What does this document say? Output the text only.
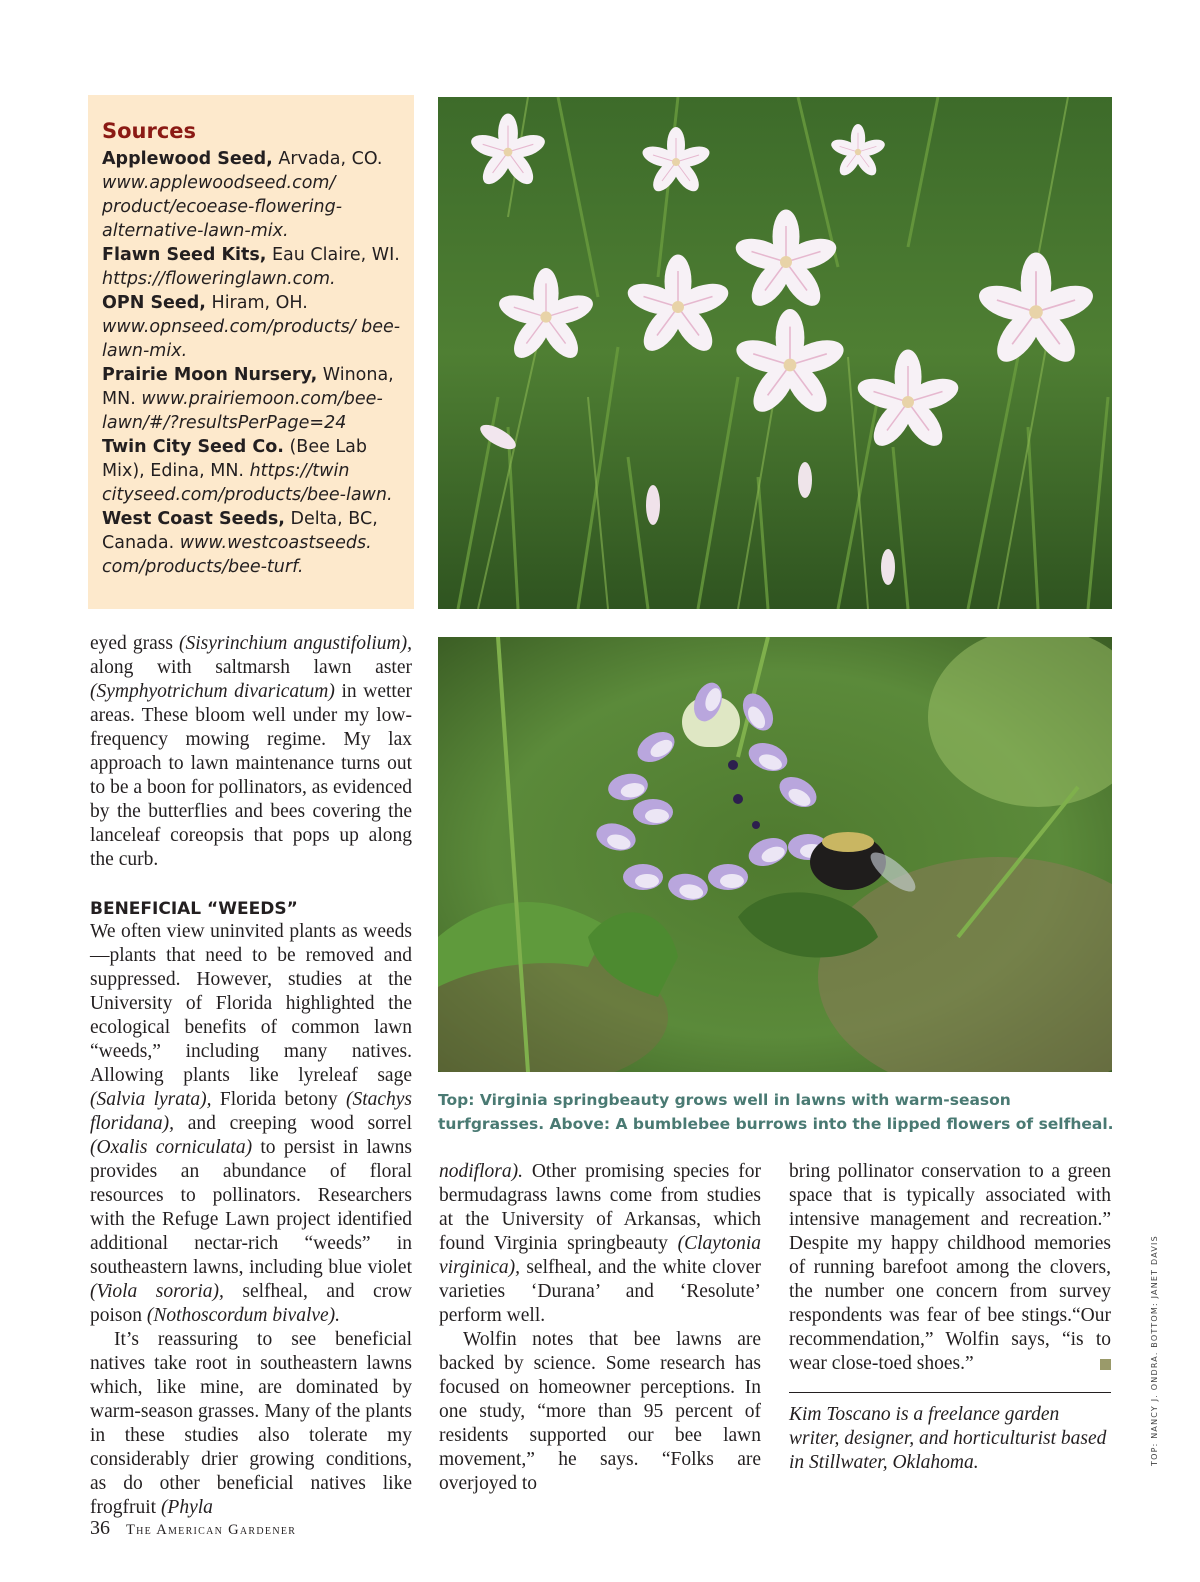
Sources
Applewood Seed, Arvada, CO. www.applewoodseed.com/ product/ecoease-flowering-alternative-lawn-mix.
Flawn Seed Kits, Eau Claire, WI. https://floweringlawn.com.
OPN Seed, Hiram, OH. www.opnseed.com/products/ bee-lawn-mix.
Prairie Moon Nursery, Winona, MN. www.prairiemoon.com/bee-lawn/#/?resultsPerPage=24
Twin City Seed Co. (Bee Lab Mix), Edina, MN. https://twin cityseed.com/products/bee-lawn.
West Coast Seeds, Delta, BC, Canada. www.westcoastseeds. com/products/bee-turf.
Top: Virginia springbeauty grows well in lawns with warm-season turfgrasses. Above: A bumblebee burrows into the lipped flowers of selfheal.

eyed grass (Sisyrinchium angustifolium), along with saltmarsh lawn aster (Symphyotrichum divaricatum) in wetter areas. These bloom well under my low-frequency mowing regime. My lax approach to lawn maintenance turns out to be a boon for pollinators, as evidenced by the butterflies and bees covering the lanceleaf coreopsis that pops up along the curb.

BENEFICIAL “WEEDS”

We often view uninvited plants as weeds—plants that need to be removed and suppressed. However, studies at the University of Florida highlighted the ecological benefits of common lawn “weeds,” including many natives. Allowing plants like lyreleaf sage (Salvia lyrata), Florida betony (Stachys floridana), and creeping wood sorrel (Oxalis corniculata) to persist in lawns provides an abundance of floral resources to pollinators. Researchers with the Refuge Lawn project identified additional nectar-rich “weeds” in southeastern lawns, including blue violet (Viola sororia), selfheal, and crow poison (Nothoscordum bivalve).

It’s reassuring to see beneficial natives take root in southeastern lawns which, like mine, are dominated by warm-season grasses. Many of the plants in these studies also tolerate my considerably drier growing conditions, as do other beneficial natives like frogfruit (Phyla

nodiflora). Other promising species for bermudagrass lawns come from studies at the University of Arkansas, which found Virginia springbeauty (Claytonia virginica), selfheal, and the white clover varieties ‘Durana’ and ‘Resolute’ perform well.

Wolfin notes that bee lawns are backed by science. Some research has focused on homeowner perceptions. In one study, “more than 95 percent of residents supported our bee lawn movement,” he says. “Folks are overjoyed to

bring pollinator conservation to a green space that is typically associated with intensive management and recreation.” Despite my happy childhood memories of running barefoot among the clovers, the number one concern from survey respondents was fear of bee stings.“Our recommendation,” Wolfin says, “is to wear close-toed shoes.”

Kim Toscano is a freelance garden writer, designer, and horticulturist based in Stillwater, Oklahoma.	TOP: NANCY J. ONDRA. BOTTOM: JANET DAVIS
36 The American Gardener
